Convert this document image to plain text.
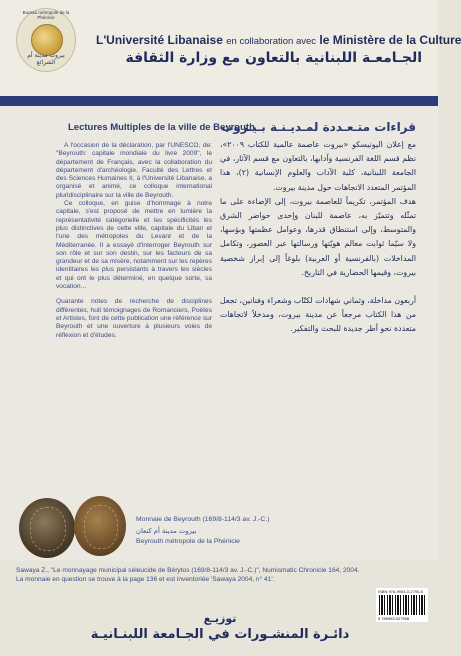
Bureau métropole de la Phénicie
بيروت مدينة أم الشرائع
L'Université Libanaise en collaboration avec le Ministère de la Culture
الجـامعـة اللبنانية بالتعاون مع وزارة الثقافة
Lectures Multiples de la ville de Beyrouth

A l'occasion de la déclaration, par l'UNESCO, de: "Beyrouth: capitale mondiale du livre 2009", le département de Français, avec la collaboration du département d'archéologie, Faculté des Lettres et des Sciences Humaines II, à l'Université Libanaise, a organisé et animé, ce colloque international pluridisciplinaire sur la ville de Beyrouth.

Ce colloque, en guise d'hommage à notre capitale, s'est proposé de mettre en lumière la représentativité catégorielle et les spécificités les plus distinctives de cette ville, capitale du Liban et l'une des métropoles du Levant et de la Méditerranée. Il a essayé d'interroger Beyrouth sur son rôle et sur son destin, sur les facteurs de sa grandeur et de sa misère, notamment sur les repères identitaires les plus persistants à travers les siècles et qui ont le plus déterminé, en quelque sorte, sa vocation...

Quarante notes de recherche de disciplines différentes, huit témoignages de Romanciers, Poètes et Artistes, font de cette publication une référence sur Beyrouth et une ouverture à plusieurs voies de réflexion et d'études.

قراءات متـعـددة لمـديـنـة بـيـروت

مع إعلان اليونيسكو «بيروت عاصمة عالمية للكتاب ٢٠٠٩»، نظم قسم اللغة الفرنسية وآدابها، بالتعاون مع قسم الآثار، في الجامعة اللبنانية، كلية الآداب والعلوم الإنسانية (٢)، هذا المؤتمر المتعدد الاتجاهات حول مدينة بيروت.

هدف المؤتمر، تكريماً للعاصمة بيروت، إلى الإضاءة على ما تمثّله وتتميّز به، عاصمة للبنان وإحدى حواضر الشرق والمتوسط، وإلى استنطاق قدرها، وعوامل عظمتها وبؤسها، ولا سيّما ثوابت معالم هويّتها ورسالتها عبر العصور، وتكامل المداخلات (بالفرنسية أو العربية) بلوغاً إلى إبراز شخصية بيروت، وقيمها الحضارية في التاريخ.

أربعون مداخلة، وثماني شهادات لكتّاب وشعراء وفنانين، تجعل من هذا الكتاب مرجعاً عن مدينة بيروت، ومدخلاً لاتجاهات متعددة نحو أطر جديدة للبحث والتفكير.

Monnaie de Beyrouth (169/8-114/3 av. J.-C.)
بيروت مدينة أم كنعان
Beyrouth métropole de la Phénicie

Sawaya Z., "Le monnayage municipal séleucide de Bérytos (169/8-114/3 av. J.-C.)", Numismatic Chronicle 164, 2004.

La monnaie en question se trouve à la page 136 et est inventoriée 'Sawaya 2004, n° 41'.

ISBN 978-9953-0-2790-8
9 789953 027908
توزيـع
دائـرة المنشـورات في الجـامعة اللبنـانيـة
